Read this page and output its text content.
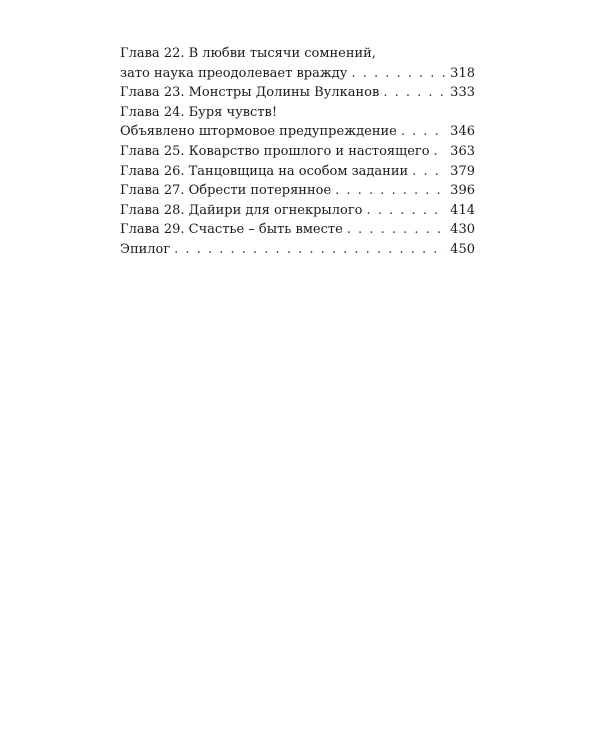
Глава 22. В любви тысячи сомнений,
зато наука преодолевает вражду . . .	318
Глава 23. Монстры Долины Вулканов . . .	333
Глава 24. Буря чувств!
Объявлено штормовое предупреждение . . .	346
Глава 25. Коварство прошлого и настоящего . . . 363
Глава 26. Танцовщица на особом задании . . .	379
Глава 27. Обрести потерянное . . .	396
Глава 28. Дайири для огнекрылого . . .	414
Глава 29. Счастье – быть вместе . . .	430
Эпилог . . .	450
